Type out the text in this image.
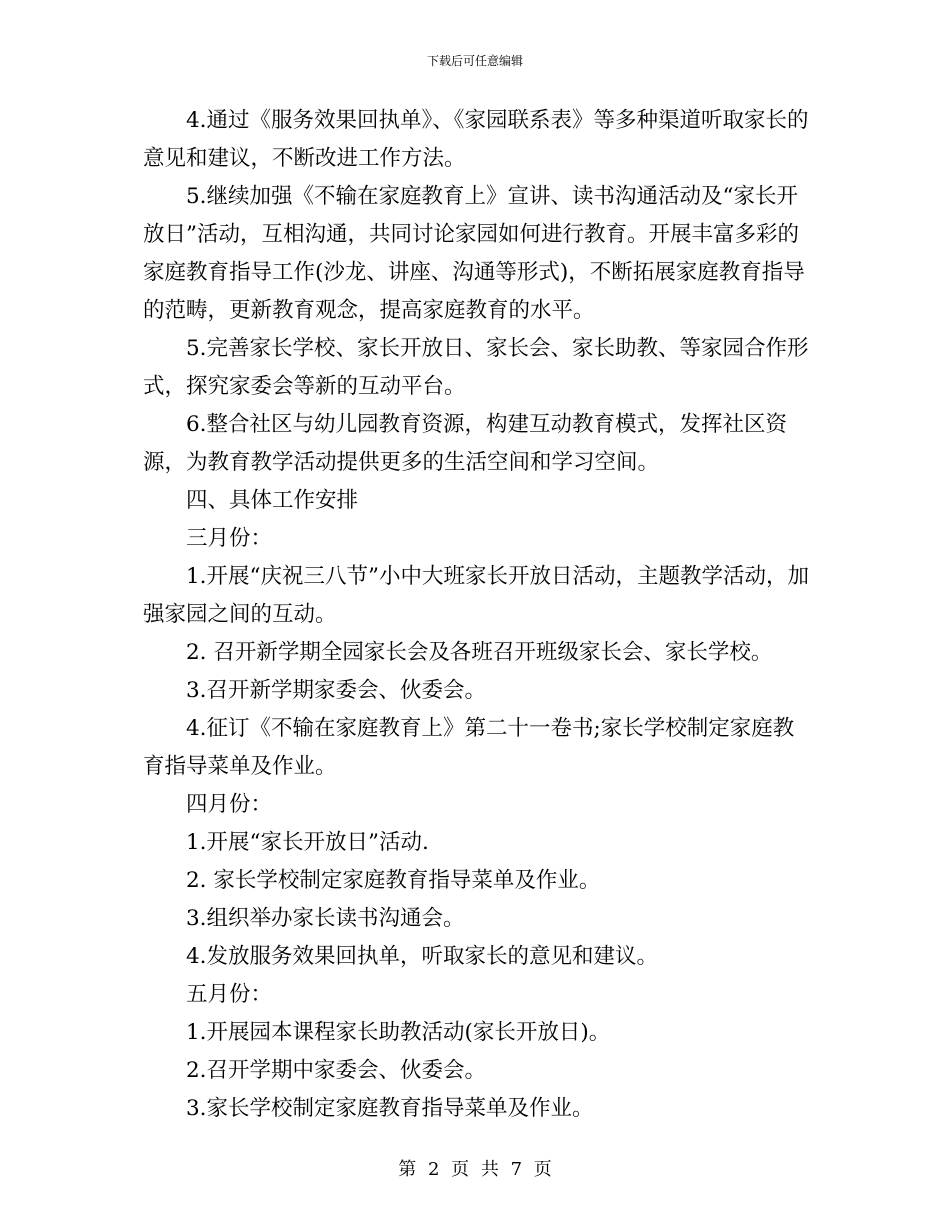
下载后可任意编辑

4.通过《服务效果回执单》、《家园联系表》等多种渠道听取家长的意见和建议，不断改进工作方法。

5.继续加强《不输在家庭教育上》宣讲、读书沟通活动及“家长开放日”活动，互相沟通，共同讨论家园如何进行教育。开展丰富多彩的家庭教育指导工作(沙龙、讲座、沟通等形式)，不断拓展家庭教育指导的范畴，更新教育观念，提高家庭教育的水平。

5.完善家长学校、家长开放日、家长会、家长助教、等家园合作形式，探究家委会等新的互动平台。

6.整合社区与幼儿园教育资源，构建互动教育模式，发挥社区资源，为教育教学活动提供更多的生活空间和学习空间。

四、具体工作安排

三月份：

1.开展“庆祝三八节”小中大班家长开放日活动，主题教学活动，加强家园之间的互动。

2. 召开新学期全园家长会及各班召开班级家长会、家长学校。

3.召开新学期家委会、伙委会。

4.征订《不输在家庭教育上》第二十一卷书;家长学校制定家庭教育指导菜单及作业。

四月份：

1.开展“家长开放日”活动.

2. 家长学校制定家庭教育指导菜单及作业。

3.组织举办家长读书沟通会。

4.发放服务效果回执单，听取家长的意见和建议。

五月份：

1.开展园本课程家长助教活动(家长开放日)。

2.召开学期中家委会、伙委会。

3.家长学校制定家庭教育指导菜单及作业。

第 2 页 共 7 页
